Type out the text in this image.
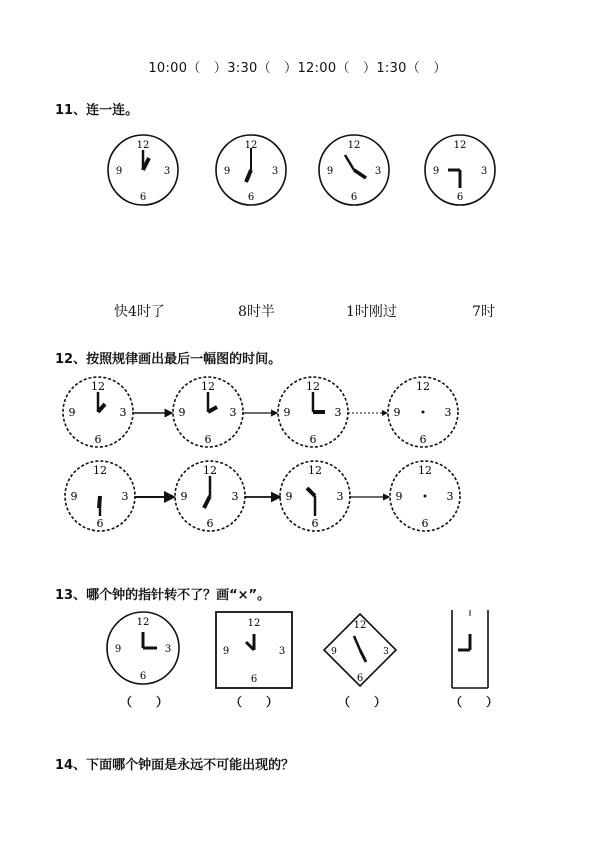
10:00（　）3:30（　）12:00（　）1:30（　）
11、连一连。
12
3
6
9
12
3
6
9
12
3
6
9
12
3
6
9
12
3
6
9
12
3
6
9
12
3
6
9
12
3
6
9
12
3
6
9
12
3
6
9
12
3
6
9
12
3
6
9
12
3
6
9
12
3
6
9
12
3
6
9
快4时了	8时半	1时刚过	7时
12、按照规律画出最后一幅图的时间。
13、哪个钟的指针转不了？画“×”。
（　　）	（　　）	（　　）	（　　）
14、下面哪个钟面是永远不可能出现的？
